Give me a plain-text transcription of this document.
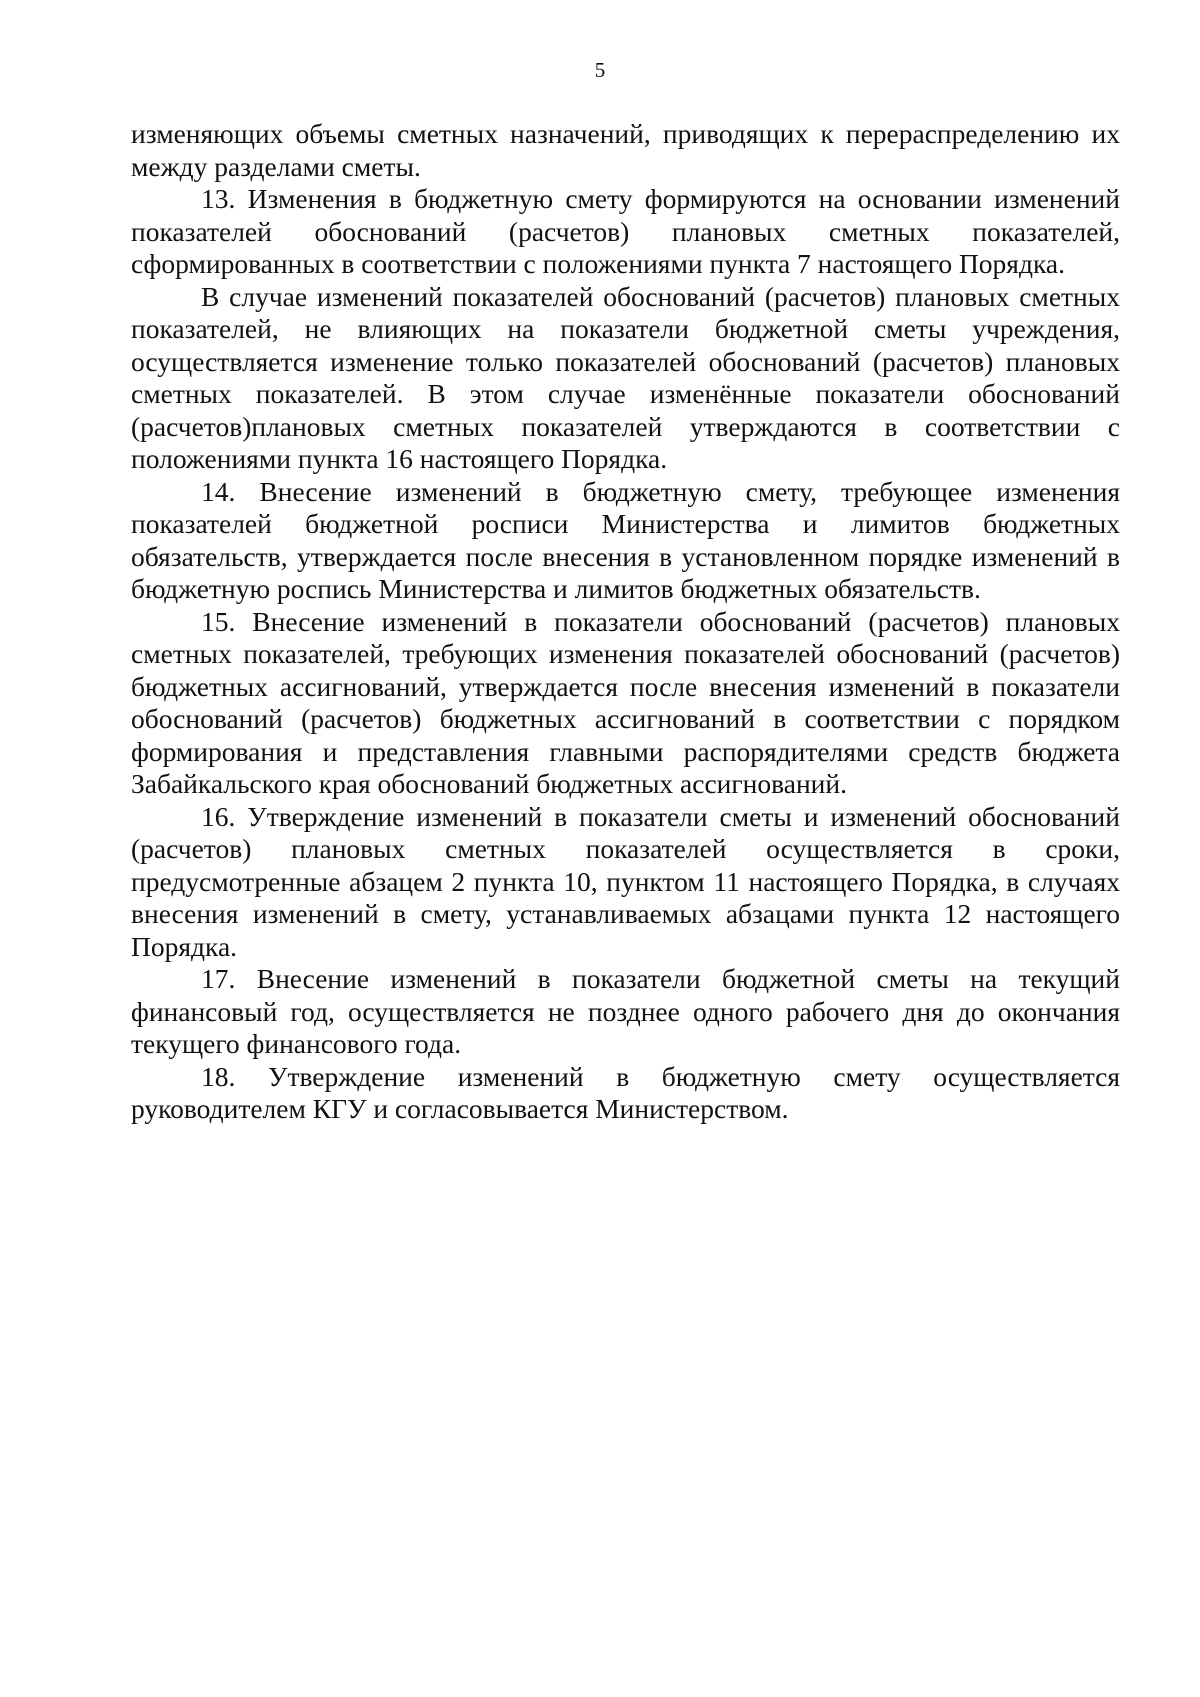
5

изменяющих объемы сметных назначений, приводящих к перераспределению их между разделами сметы.

13. Изменения в бюджетную смету формируются на основании изменений показателей обоснований (расчетов) плановых сметных показателей, сформированных в соответствии с положениями пункта 7 настоящего Порядка.

В случае изменений показателей обоснований (расчетов) плановых сметных показателей, не влияющих на показатели бюджетной сметы учреждения, осуществляется изменение только показателей обоснований (расчетов) плановых сметных показателей. В этом случае изменённые показатели обоснований (расчетов)плановых сметных показателей утверждаются в соответствии с положениями пункта 16 настоящего Порядка.

14. Внесение изменений в бюджетную смету, требующее изменения показателей бюджетной росписи Министерства и лимитов бюджетных обязательств, утверждается после внесения в установленном порядке изменений в бюджетную роспись Министерства и лимитов бюджетных обязательств.

15. Внесение изменений в показатели обоснований (расчетов) плановых сметных показателей, требующих изменения показателей обоснований (расчетов) бюджетных ассигнований, утверждается после внесения изменений в показатели обоснований (расчетов) бюджетных ассигнований в соответствии с порядком формирования и представления главными распорядителями средств бюджета Забайкальского края обоснований бюджетных ассигнований.

16. Утверждение изменений в показатели сметы и изменений обоснований (расчетов) плановых сметных показателей осуществляется в сроки, предусмотренные абзацем 2 пункта 10, пунктом 11 настоящего Порядка, в случаях внесения изменений в смету, устанавливаемых абзацами пункта 12 настоящего Порядка.

17. Внесение изменений в показатели бюджетной сметы на текущий финансовый год, осуществляется не позднее одного рабочего дня до окончания текущего финансового года.

18. Утверждение изменений в бюджетную смету осуществляется руководителем КГУ и согласовывается Министерством.
